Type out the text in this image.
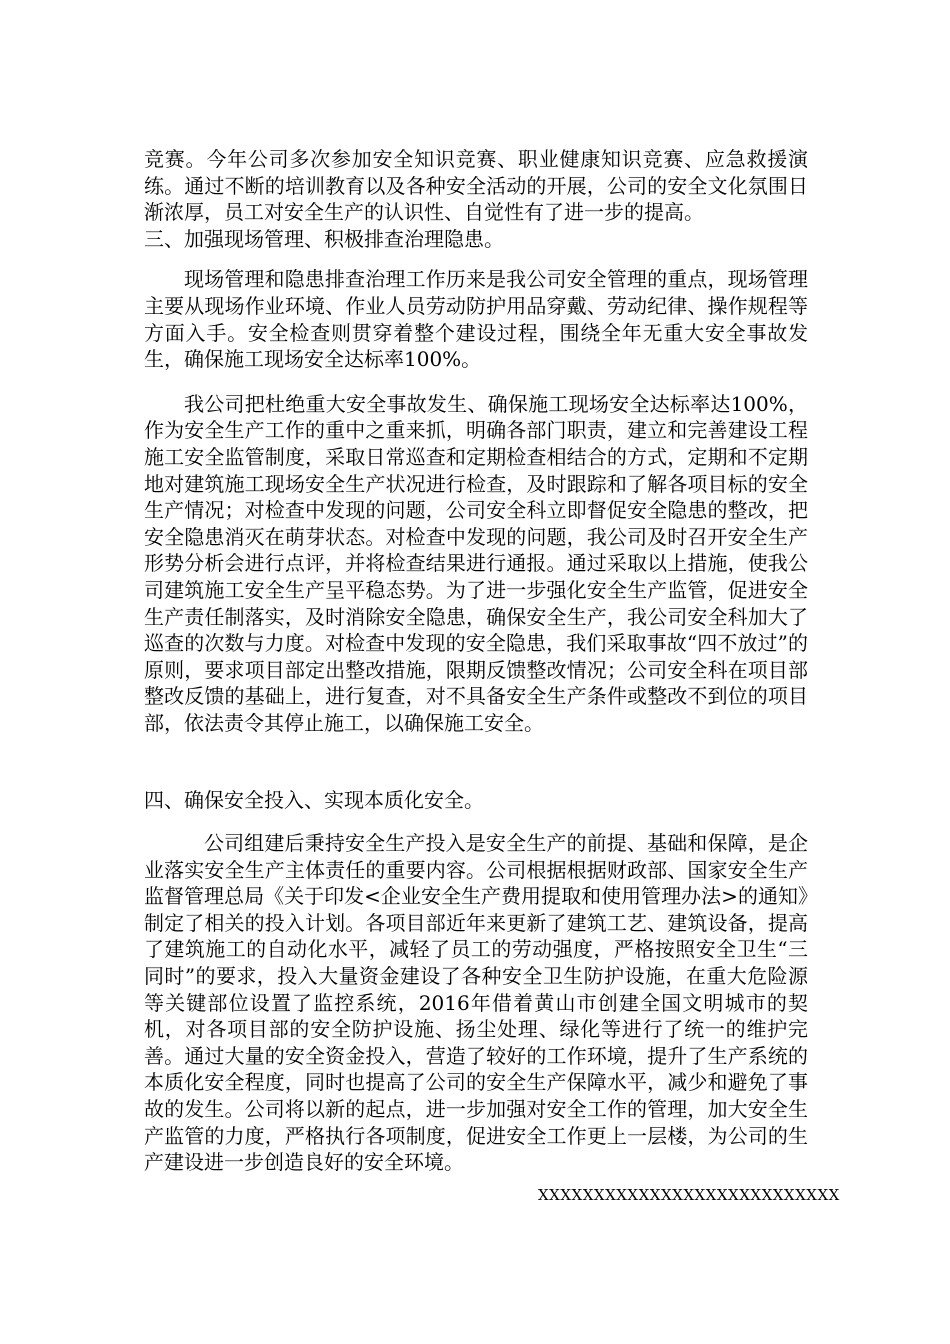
竞赛。今年公司多次参加安全知识竞赛、职业健康知识竞赛、应急救援演练。通过不断的培训教育以及各种安全活动的开展，公司的安全文化氛围日渐浓厚，员工对安全生产的认识性、自觉性有了进一步的提高。

三、加强现场管理、积极排查治理隐患。

现场管理和隐患排查治理工作历来是我公司安全管理的重点，现场管理主要从现场作业环境、作业人员劳动防护用品穿戴、劳动纪律、操作规程等方面入手。安全检查则贯穿着整个建设过程，围绕全年无重大安全事故发生，确保施工现场安全达标率100%。

我公司把杜绝重大安全事故发生、确保施工现场安全达标率达100%，作为安全生产工作的重中之重来抓，明确各部门职责，建立和完善建设工程施工安全监管制度，采取日常巡查和定期检查相结合的方式，定期和不定期地对建筑施工现场安全生产状况进行检查，及时跟踪和了解各项目标的安全生产情况；对检查中发现的问题，公司安全科立即督促安全隐患的整改，把安全隐患消灭在萌芽状态。对检查中发现的问题，我公司及时召开安全生产形势分析会进行点评，并将检查结果进行通报。通过采取以上措施，使我公司建筑施工安全生产呈平稳态势。为了进一步强化安全生产监管，促进安全生产责任制落实，及时消除安全隐患，确保安全生产，我公司安全科加大了巡查的次数与力度。对检查中发现的安全隐患，我们采取事故“四不放过”的原则，要求项目部定出整改措施，限期反馈整改情况；公司安全科在项目部整改反馈的基础上，进行复查，对不具备安全生产条件或整改不到位的项目部，依法责令其停止施工，以确保施工安全。

四、确保安全投入、实现本质化安全。

公司组建后秉持安全生产投入是安全生产的前提、基础和保障，是企业落实安全生产主体责任的重要内容。公司根据根据财政部、国家安全生产监督管理总局《关于印发<企业安全生产费用提取和使用管理办法>的通知》制定了相关的投入计划。各项目部近年来更新了建筑工艺、建筑设备，提高了建筑施工的自动化水平，减轻了员工的劳动强度，严格按照安全卫生“三同时”的要求，投入大量资金建设了各种安全卫生防护设施，在重大危险源等关键部位设置了监控系统，2016年借着黄山市创建全国文明城市的契机，对各项目部的安全防护设施、扬尘处理、绿化等进行了统一的维护完善。通过大量的安全资金投入，营造了较好的工作环境，提升了生产系统的本质化安全程度，同时也提高了公司的安全生产保障水平，减少和避免了事故的发生。公司将以新的起点，进一步加强对安全工作的管理，加大安全生产监管的力度，严格执行各项制度，促进安全工作更上一层楼，为公司的生产建设进一步创造良好的安全环境。

XXXXXXXXXXXXXXXXXXXXXXXXXXX
